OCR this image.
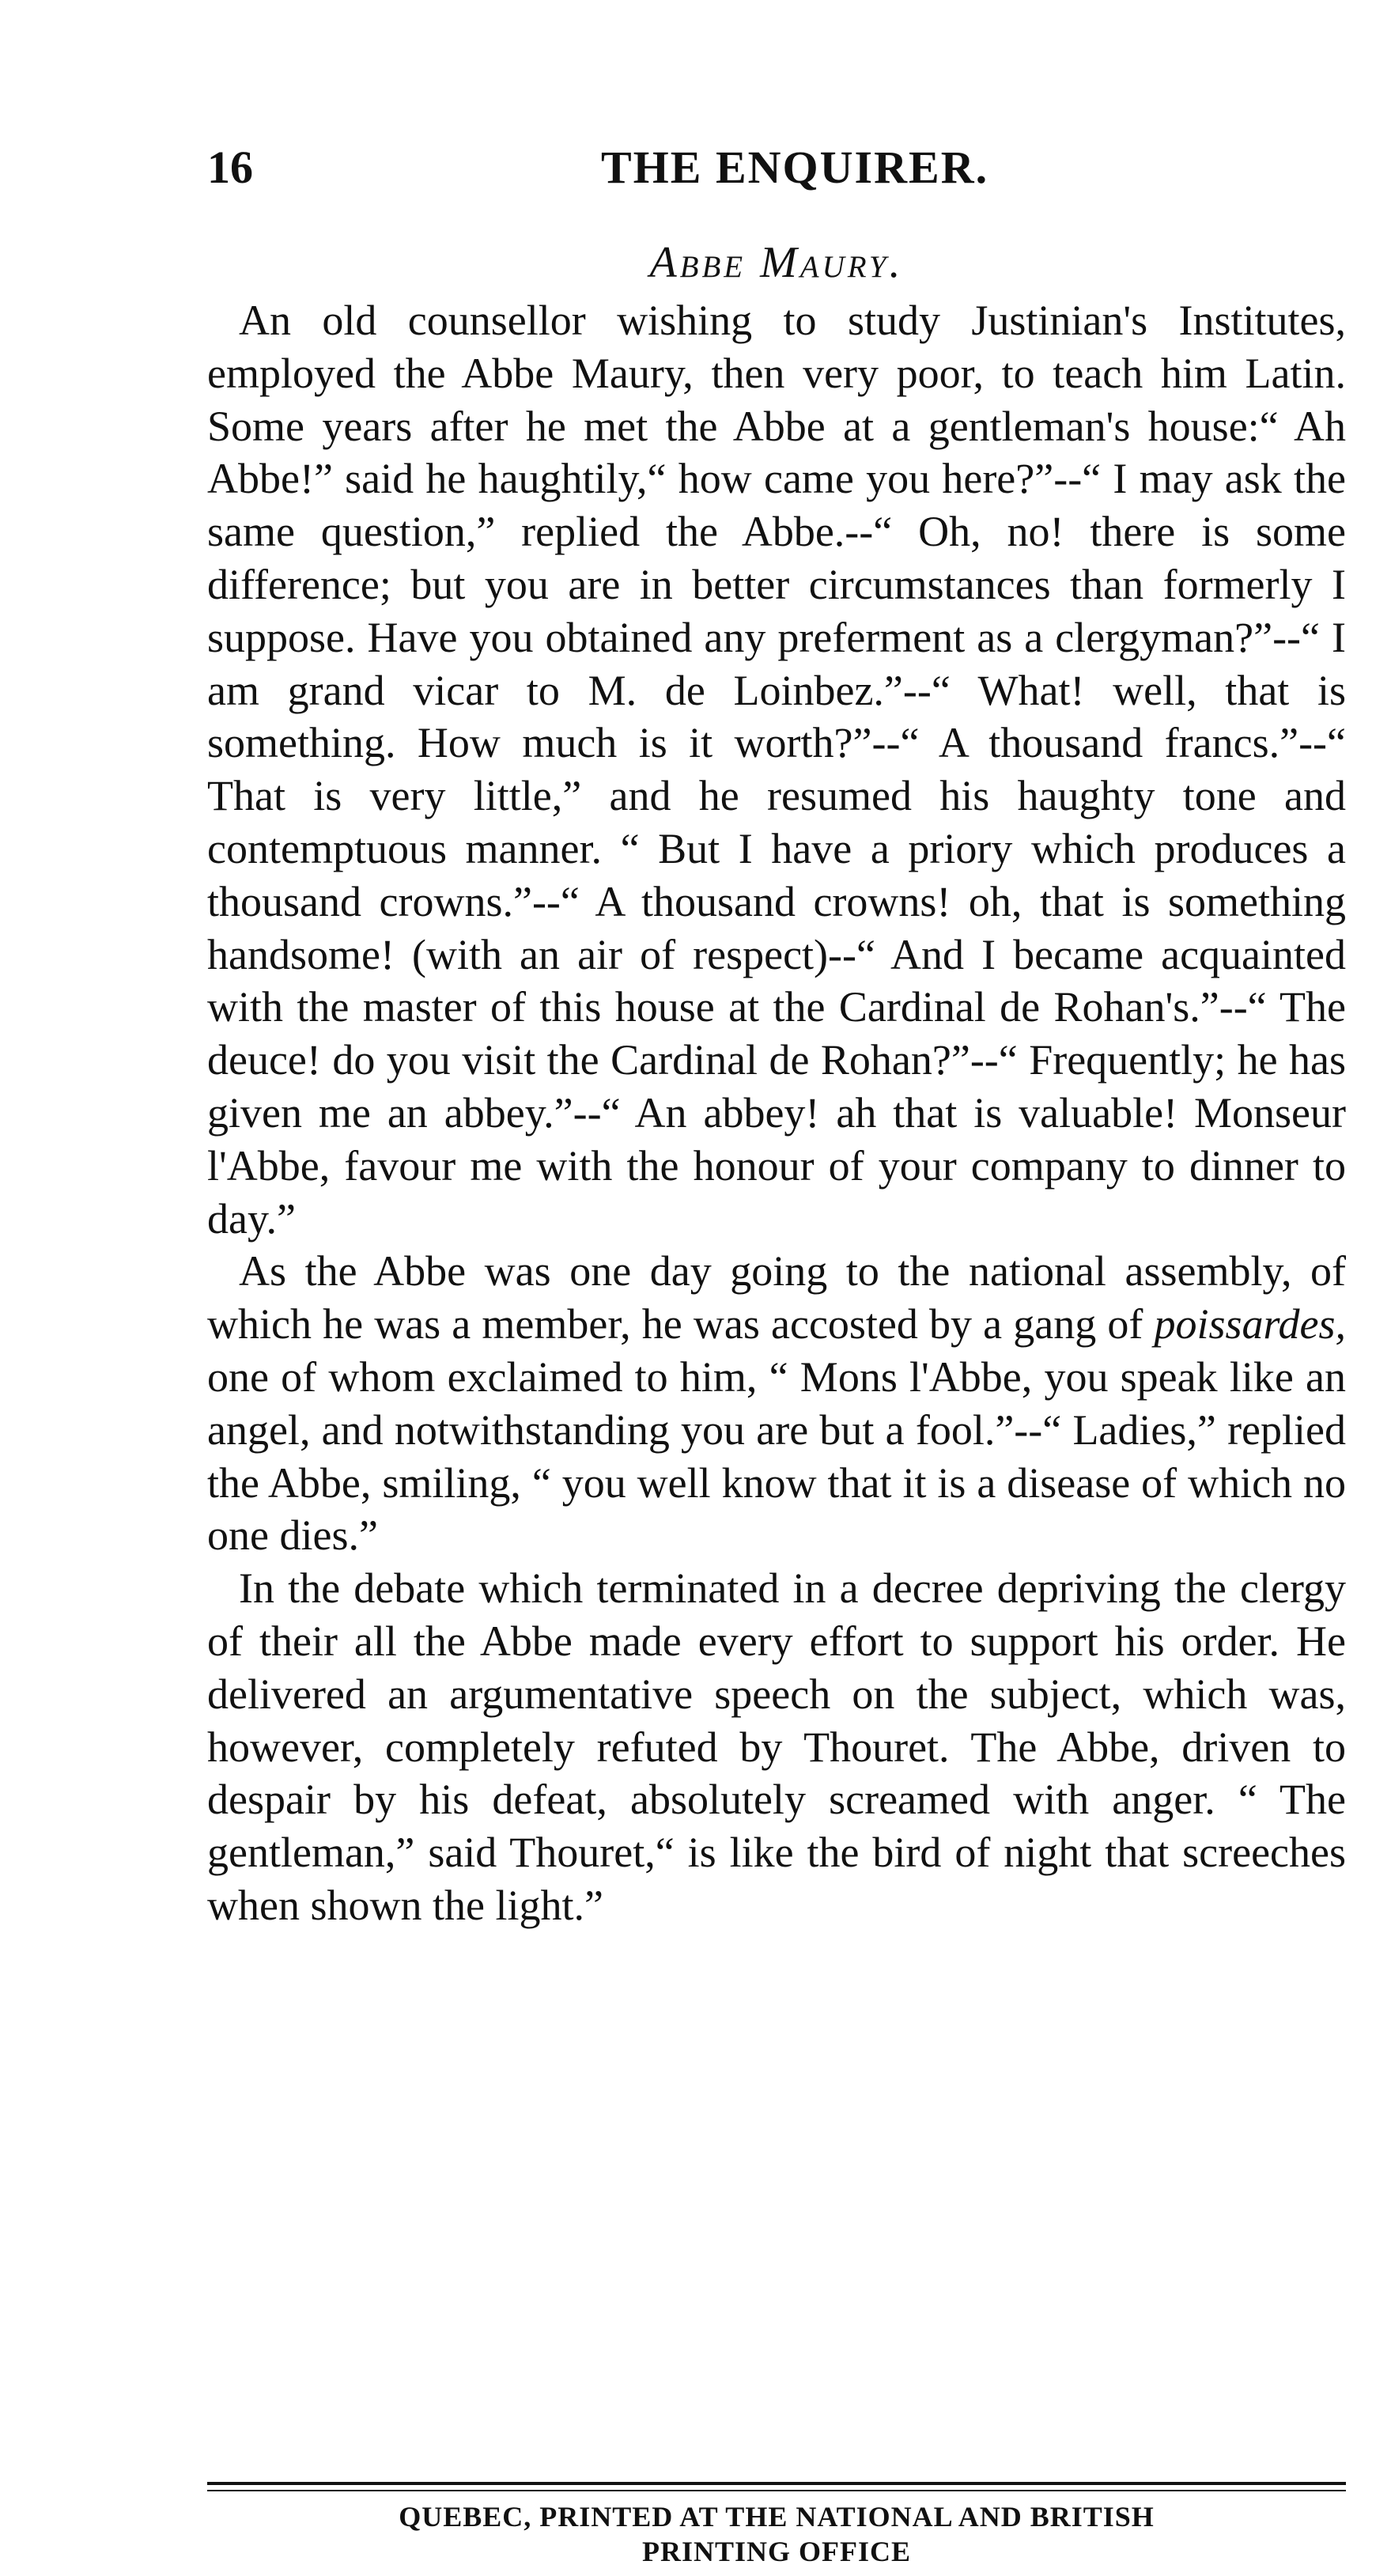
16	THE ENQUIRER.

Abbe Maury.

An old counsellor wishing to study Justinian's Institutes, employed the Abbe Maury, then very poor, to teach him Latin. Some years after he met the Abbe at a gentleman's house:“ Ah Abbe!” said he haughtily,“ how came you here?”--“ I may ask the same question,” replied the Abbe.--“ Oh, no! there is some difference; but you are in better circumstances than formerly I suppose. Have you obtained any preferment as a clergyman?”--“ I am grand vicar to M. de Loinbez.”--“ What! well, that is something. How much is it worth?”--“ A thousand francs.”--“ That is very little,” and he resumed his haughty tone and contemptuous manner. “ But I have a priory which produces a thousand crowns.”--“ A thousand crowns! oh, that is something handsome! (with an air of respect)--“ And I became acquainted with the master of this house at the Cardinal de Rohan's.”--“ The deuce! do you visit the Cardinal de Rohan?”--“ Frequently; he has given me an abbey.”--“ An abbey! ah that is valuable! Monseur l'Abbe, favour me with the honour of your company to dinner to day.”

As the Abbe was one day going to the national assembly, of which he was a member, he was accosted by a gang of poissardes, one of whom exclaimed to him, “ Mons l'Abbe, you speak like an angel, and notwithstanding you are but a fool.”--“ Ladies,” replied the Abbe, smiling, “ you well know that it is a disease of which no one dies.”

In the debate which terminated in a decree depriving the clergy of their all the Abbe made every effort to support his order. He delivered an argumentative speech on the subject, which was, however, completely refuted by Thouret. The Abbe, driven to despair by his defeat, absolutely screamed with anger. “ The gentleman,” said Thouret,“ is like the bird of night that screeches when shown the light.”

QUEBEC, PRINTED AT THE NATIONAL AND BRITISH

PRINTING OFFICE
